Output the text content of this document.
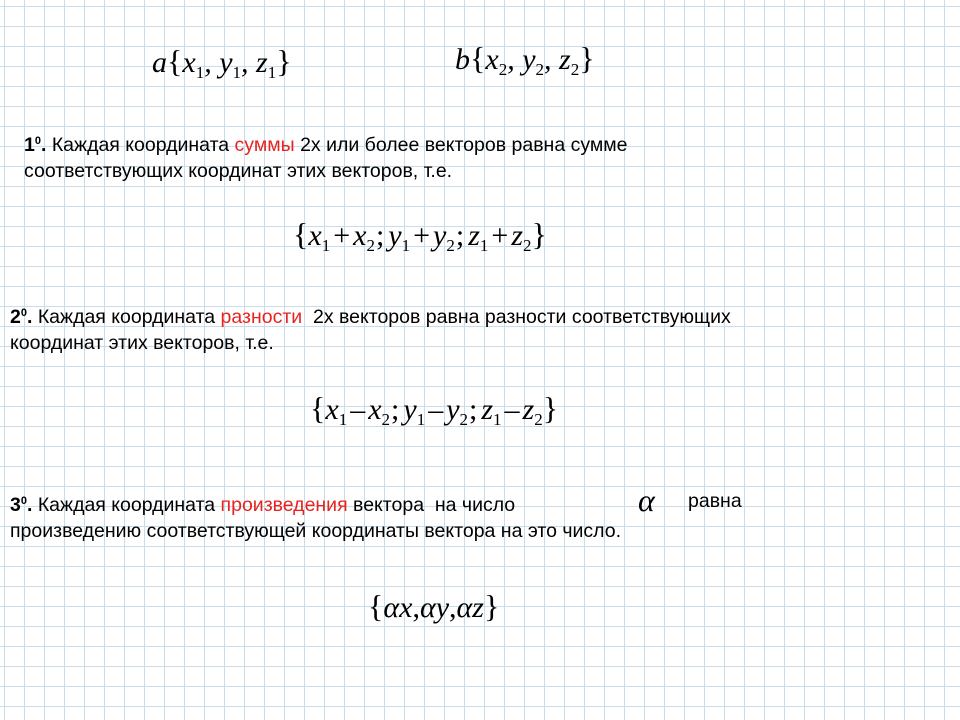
$a\{x_1$, $y_1$, $z_1$}	$b\{x_2$, $y_2$, $z_2$}
$1^0$. Каждая координата суммы 2х или более векторов равна сумме
соответствующих координат этих векторов, т.е.
{$x_1 + x_2$; $y_1 + y_2$; $z_1 + z_2$}
$2^0$. Каждая координата разности  2х векторов равна разности соответствующих
координат этих векторов, т.е.
{$x_1 - x_2$; $y_1 - y_2$; $z_1 - z_2$}
$3^0$. Каждая координата произведения вектора  на число
произведению соответствующей координаты вектора на это число.
α равна
{αx,αy,αz}
